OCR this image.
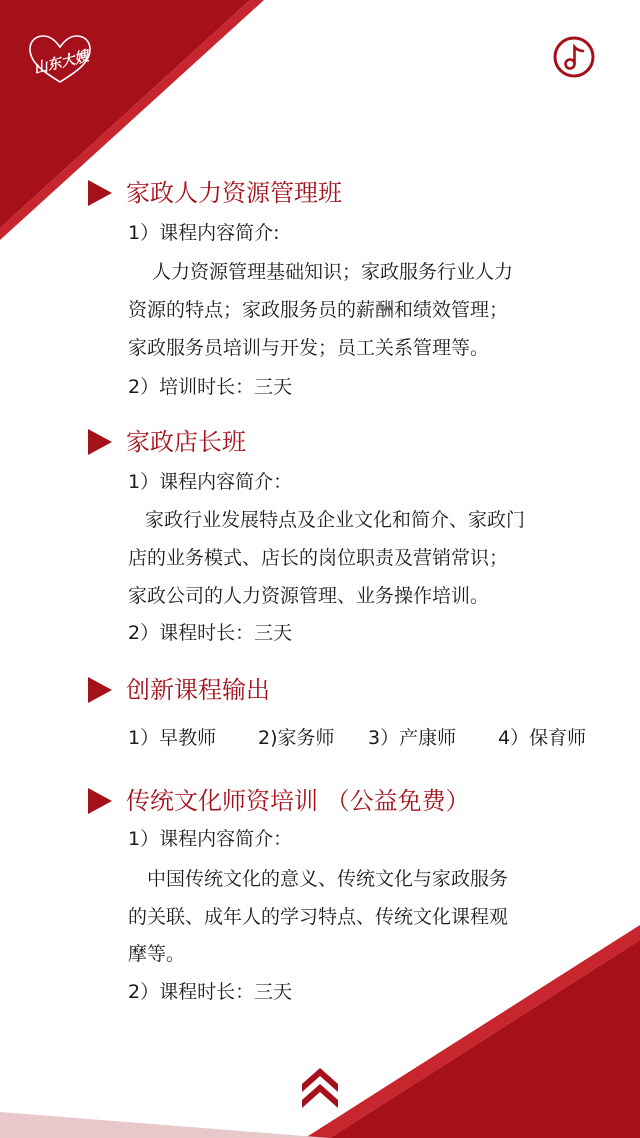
山东大嫂
家政人力资源管理班
1）课程内容简介:
人力资源管理基础知识；家政服务行业人力
资源的特点；家政服务员的薪酬和绩效管理；
家政服务员培训与开发；员工关系管理等。
2）培训时长：三天
家政店长班
1）课程内容简介：
家政行业发展特点及企业文化和简介、家政门
店的业务模式、店长的岗位职责及营销常识；
家政公司的人力资源管理、业务操作培训。
2）课程时长：三天
创新课程输出
1）早教师 2)家务师 3）产康师 4）保育师
传统文化师资培训 （公益免费）
1）课程内容简介：
中国传统文化的意义、传统文化与家政服务
的关联、成年人的学习特点、传统文化课程观
摩等。
2）课程时长：三天
